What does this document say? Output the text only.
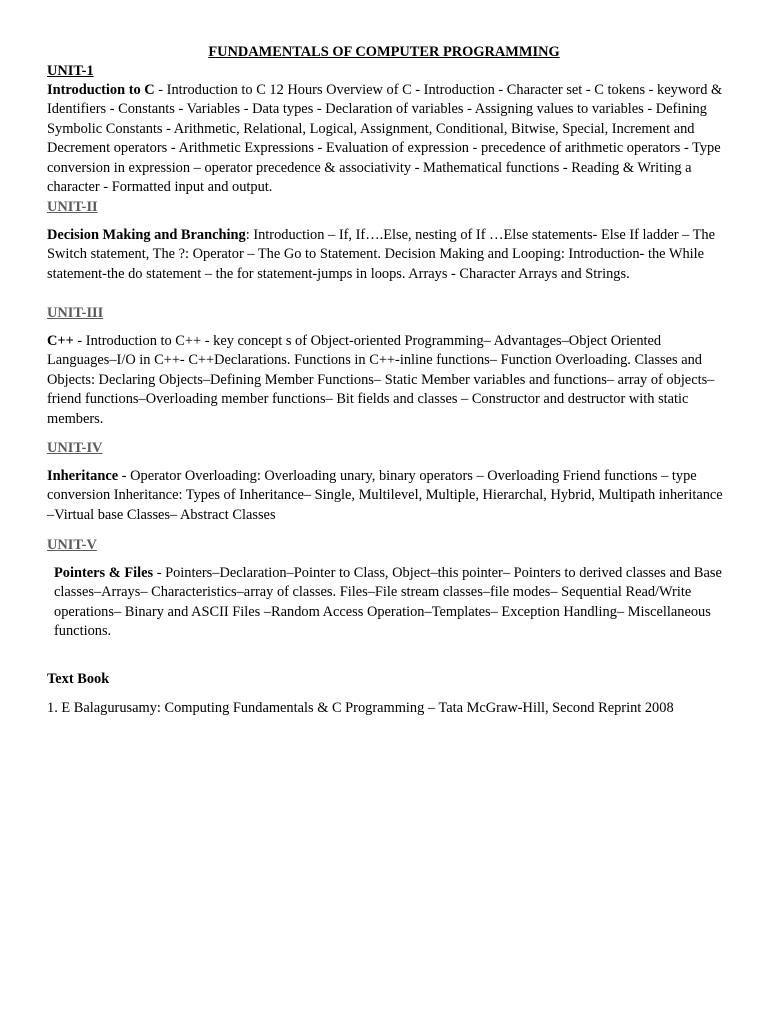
FUNDAMENTALS OF COMPUTER PROGRAMMING
UNIT-1

Introduction to C - Introduction to C 12 Hours Overview of C - Introduction - Character set - C tokens - keyword & Identifiers - Constants - Variables - Data types - Declaration of variables - Assigning values to variables - Defining Symbolic Constants - Arithmetic, Relational, Logical, Assignment, Conditional, Bitwise, Special, Increment and Decrement operators - Arithmetic Expressions - Evaluation of expression - precedence of arithmetic operators - Type conversion in expression – operator precedence & associativity - Mathematical functions - Reading & Writing a character - Formatted input and output.

UNIT-II

Decision Making and Branching: Introduction – If, If….Else, nesting of If …Else statements- Else If ladder – The Switch statement, The ?: Operator – The Go to Statement. Decision Making and Looping: Introduction- the While statement-the do statement – the for statement-jumps in loops. Arrays - Character Arrays and Strings.

UNIT-III

C++ - Introduction to C++ - key concept s of Object-oriented Programming– Advantages–Object Oriented Languages–I/O in C++- C++Declarations. Functions in C++-inline functions– Function Overloading. Classes and Objects: Declaring Objects–Defining Member Functions– Static Member variables and functions– array of objects–friend functions–Overloading member functions– Bit fields and classes – Constructor and destructor with static members.

UNIT-IV

Inheritance - Operator Overloading: Overloading unary, binary operators – Overloading Friend functions – type conversion Inheritance: Types of Inheritance– Single, Multilevel, Multiple, Hierarchal, Hybrid, Multipath inheritance –Virtual base Classes– Abstract Classes

UNIT-V

Pointers & Files - Pointers–Declaration–Pointer to Class, Object–this pointer– Pointers to derived classes and Base classes–Arrays– Characteristics–array of classes. Files–File stream classes–file modes– Sequential Read/Write operations– Binary and ASCII Files –Random Access Operation–Templates– Exception Handling– Miscellaneous functions.

Text Book

1. E Balagurusamy: Computing Fundamentals & C Programming – Tata McGraw-Hill, Second Reprint 2008
